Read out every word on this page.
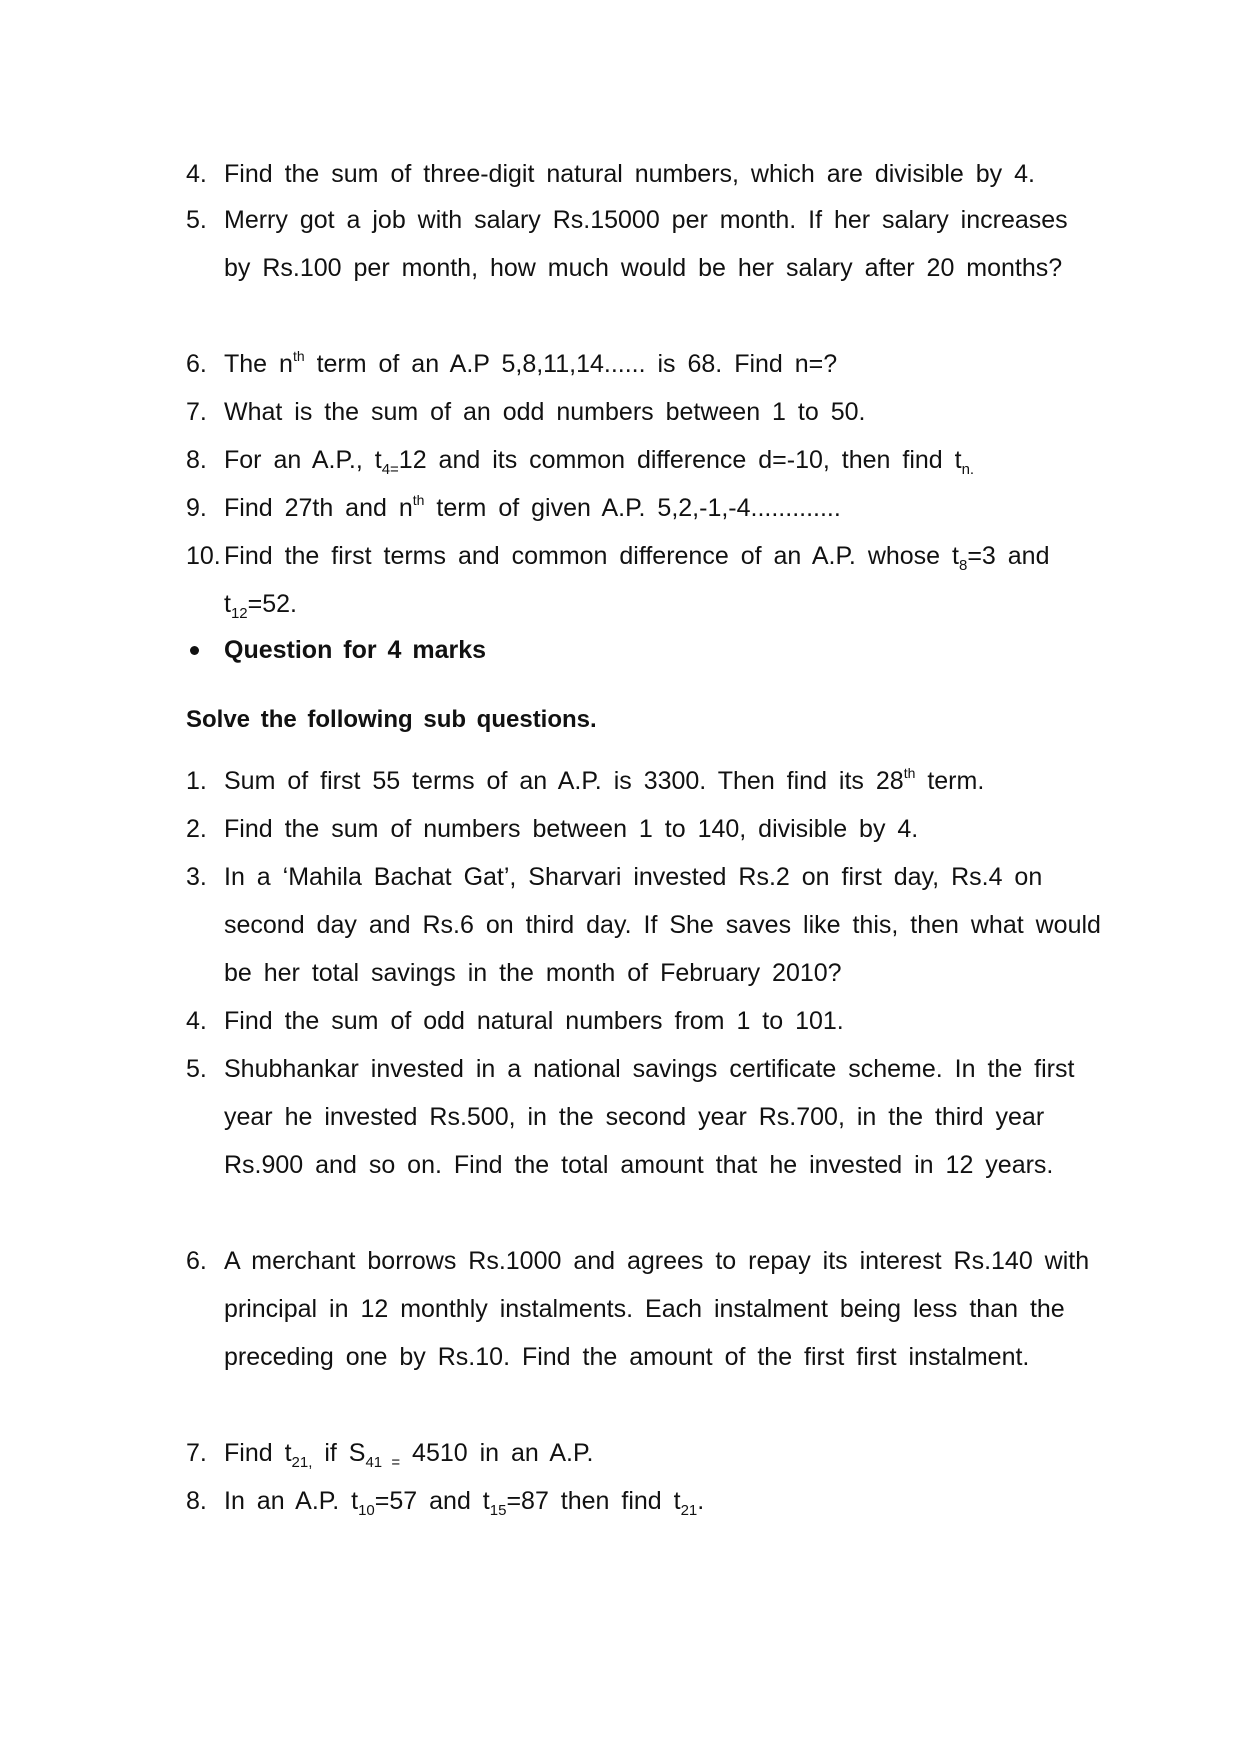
4. Find the sum of three-digit natural numbers, which are divisible by 4.
5. Merry got a job with salary Rs.15000 per month. If her salary increases by Rs.100 per month, how much would be her salary after 20 months?
6. The $n^{th}$ term of an A.P 5,8,11,14...... is 68. Find n=?
7. What is the sum of an odd numbers between 1 to 50.
8. For an A.P., $t_{4=}12$ and its common difference d=-10, then find $t_{n.}$
9. Find 27th and $n^{th}$ term of given A.P. 5,2,-1,-4.............
10. Find the first terms and common difference of an A.P. whose $t_8=3$ and $t_{12}=52$.
Question for 4 marks
Solve the following sub questions.
1. Sum of first 55 terms of an A.P. is 3300. Then find its 28th term.
2. Find the sum of numbers between 1 to 140, divisible by 4.
3. In a ‘Mahila Bachat Gat’, Sharvari invested Rs.2 on first day, Rs.4 on second day and Rs.6 on third day. If She saves like this, then what would be her total savings in the month of February 2010?
4. Find the sum of odd natural numbers from 1 to 101.
5. Shubhankar invested in a national savings certificate scheme. In the first year he invested Rs.500, in the second year Rs.700, in the third year Rs.900 and so on. Find the total amount that he invested in 12 years.
6. A merchant borrows Rs.1000 and agrees to repay its interest Rs.140 with principal in 12 monthly instalments. Each instalment being less than the preceding one by Rs.10. Find the amount of the first first instalment.
7. Find $t_{21,}$ if $S_{41 =}$ 4510 in an A.P.
8. In an A.P. $t_{10}=57$ and $t_{15}=87$ then find $t_{21}$.
